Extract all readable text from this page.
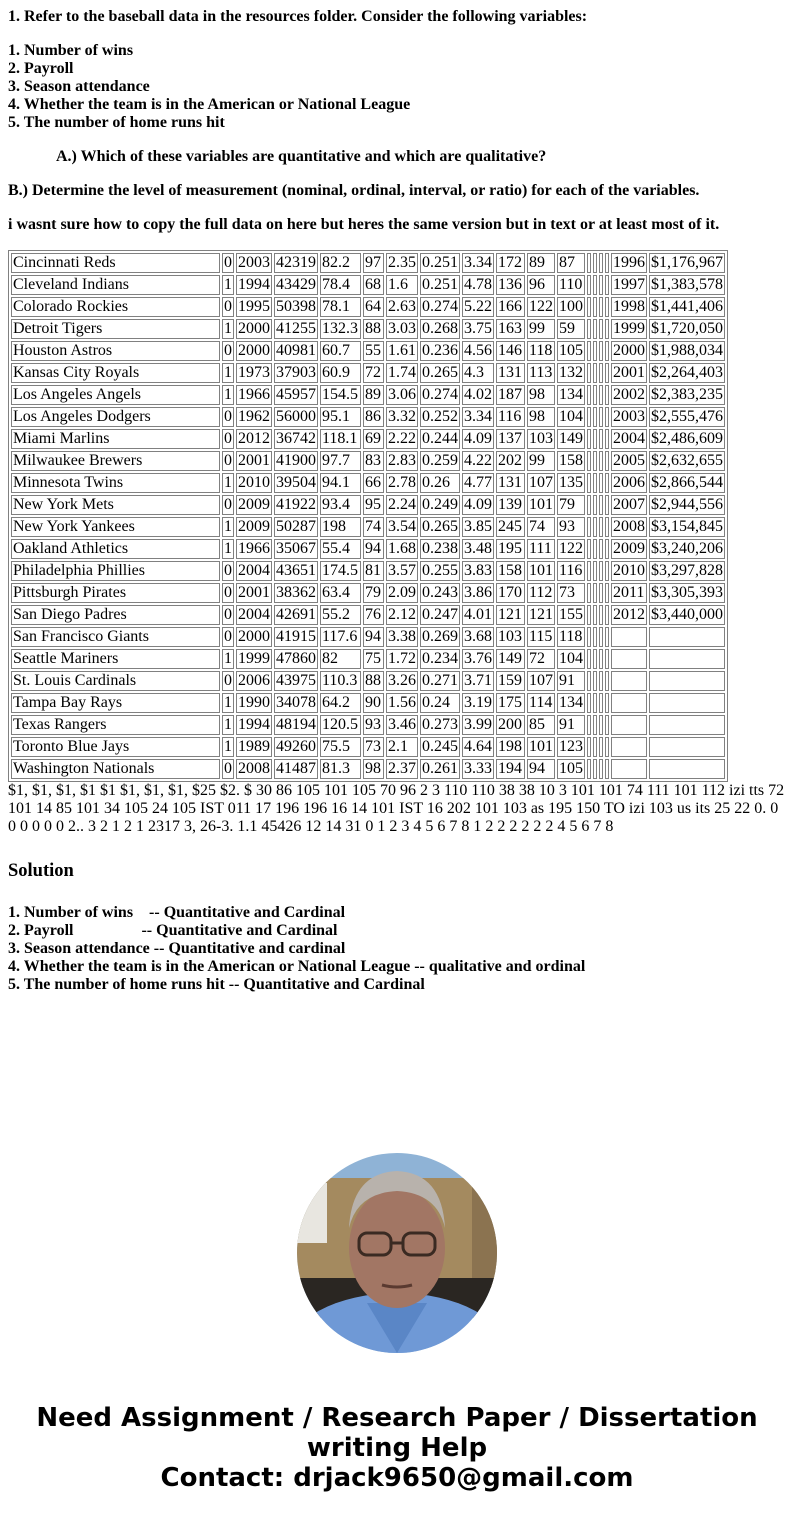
1. Refer to the baseball data in the resources folder. Consider the following variables:
1. Number of wins
2. Payroll
3. Season attendance
4. Whether the team is in the American or National League
5. The number of home runs hit
A.) Which of these variables are quantitative and which are qualitative?
B.) Determine the level of measurement (nominal, ordinal, interval, or ratio) for each of the variables.
i wasnt sure how to copy the full data on here but heres the same version but in text or at least most of it.
Cincinnati Reds	0	2003	42319	82.2	97	2.35	0.251	3.34	172	89	87					1996	$1,176,967
Cleveland Indians	1	1994	43429	78.4	68	1.6	0.251	4.78	136	96	110					1997	$1,383,578
Colorado Rockies	0	1995	50398	78.1	64	2.63	0.274	5.22	166	122	100					1998	$1,441,406
Detroit Tigers	1	2000	41255	132.3	88	3.03	0.268	3.75	163	99	59					1999	$1,720,050
Houston Astros	0	2000	40981	60.7	55	1.61	0.236	4.56	146	118	105					2000	$1,988,034
Kansas City Royals	1	1973	37903	60.9	72	1.74	0.265	4.3	131	113	132					2001	$2,264,403
Los Angeles Angels	1	1966	45957	154.5	89	3.06	0.274	4.02	187	98	134					2002	$2,383,235
Los Angeles Dodgers	0	1962	56000	95.1	86	3.32	0.252	3.34	116	98	104					2003	$2,555,476
Miami Marlins	0	2012	36742	118.1	69	2.22	0.244	4.09	137	103	149					2004	$2,486,609
Milwaukee Brewers	0	2001	41900	97.7	83	2.83	0.259	4.22	202	99	158					2005	$2,632,655
Minnesota Twins	1	2010	39504	94.1	66	2.78	0.26	4.77	131	107	135					2006	$2,866,544
New York Mets	0	2009	41922	93.4	95	2.24	0.249	4.09	139	101	79					2007	$2,944,556
New York Yankees	1	2009	50287	198	74	3.54	0.265	3.85	245	74	93					2008	$3,154,845
Oakland Athletics	1	1966	35067	55.4	94	1.68	0.238	3.48	195	111	122					2009	$3,240,206
Philadelphia Phillies	0	2004	43651	174.5	81	3.57	0.255	3.83	158	101	116					2010	$3,297,828
Pittsburgh Pirates	0	2001	38362	63.4	79	2.09	0.243	3.86	170	112	73					2011	$3,305,393
San Diego Padres	0	2004	42691	55.2	76	2.12	0.247	4.01	121	121	155					2012	$3,440,000
San Francisco Giants	0	2000	41915	117.6	94	3.38	0.269	3.68	103	115	118						
Seattle Mariners	1	1999	47860	82	75	1.72	0.234	3.76	149	72	104						
St. Louis Cardinals	0	2006	43975	110.3	88	3.26	0.271	3.71	159	107	91						
Tampa Bay Rays	1	1990	34078	64.2	90	1.56	0.24	3.19	175	114	134						
Texas Rangers	1	1994	48194	120.5	93	3.46	0.273	3.99	200	85	91						
Toronto Blue Jays	1	1989	49260	75.5	73	2.1	0.245	4.64	198	101	123						
Washington Nationals	0	2008	41487	81.3	98	2.37	0.261	3.33	194	94	105						
$1, $1, $1, $1 $1 $1, $1, $1, $25 $2. $ 30 86 105 101 105 70 96 2 3 110 110 38 38 10 3 101 101 74 111 101 112 izi tts 72 101 14 85 101 34 105 24 105 IST 011 17 196 196 16 14 101 IST 16 202 101 103 as 195 150 TO izi 103 us its 25 22 0. 0 0 0 0 0 0 2.. 3 2 1 2 1 2317 3, 26-3. 1.1 45426 12 14 31 0 1 2 3 4 5 6 7 8 1 2 2 2 2 2 2 4 5 6 7 8
Solution
1. Number of wins    -- Quantitative and Cardinal
2. Payroll                 -- Quantitative and Cardinal
3. Season attendance -- Quantitative and cardinal
4. Whether the team is in the American or National League -- qualitative and ordinal
5. The number of home runs hit -- Quantitative and Cardinal
Need Assignment / Research Paper / Dissertation
writing Help
Contact: drjack9650@gmail.com
